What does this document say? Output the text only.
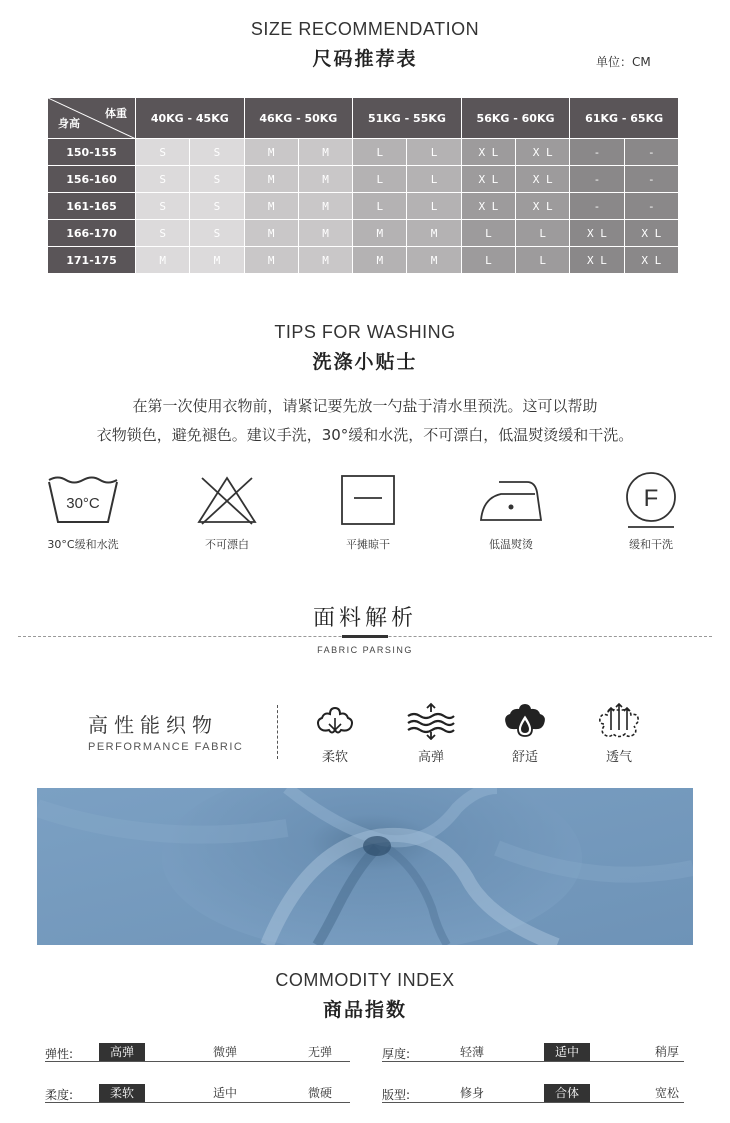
SIZE RECOMMENDATION
尺码推荐表	单位：CM
体重
身高	40KG - 45KG		46KG - 50KG		51KG - 55KG		56KG - 60KG		61KG - 65KG	
150-155	S	S	M	M	L	L	X L	X L	-	-
156-160	S	S	M	M	L	L	X L	X L	-	-
161-165	S	S	M	M	L	L	X L	X L	-	-
166-170	S	S	M	M	M	M	L	L	X L	X L
171-175	M	M	M	M	M	M	L	L	X L	X L
TIPS FOR WASHING
洗涤小贴士
在第一次使用衣物前，请紧记要先放一勺盐于清水里预洗。这可以帮助
衣物锁色，避免褪色。建议手洗，30°缓和水洗，不可漂白，低温熨烫缓和干洗。
30°C	F
30°C缓和水洗	不可漂白	平摊晾干	低温熨烫	缓和干洗
面料解析
FABRIC PARSING
高性能织物
PERFORMANCE FABRIC
柔软	高弹	舒适	透气
COMMODITY INDEX
商品指数
弹性:	高弹	微弹	无弹	厚度:	轻薄	适中	稍厚
柔度:	柔软	适中	微硬	版型:	修身	合体	宽松
